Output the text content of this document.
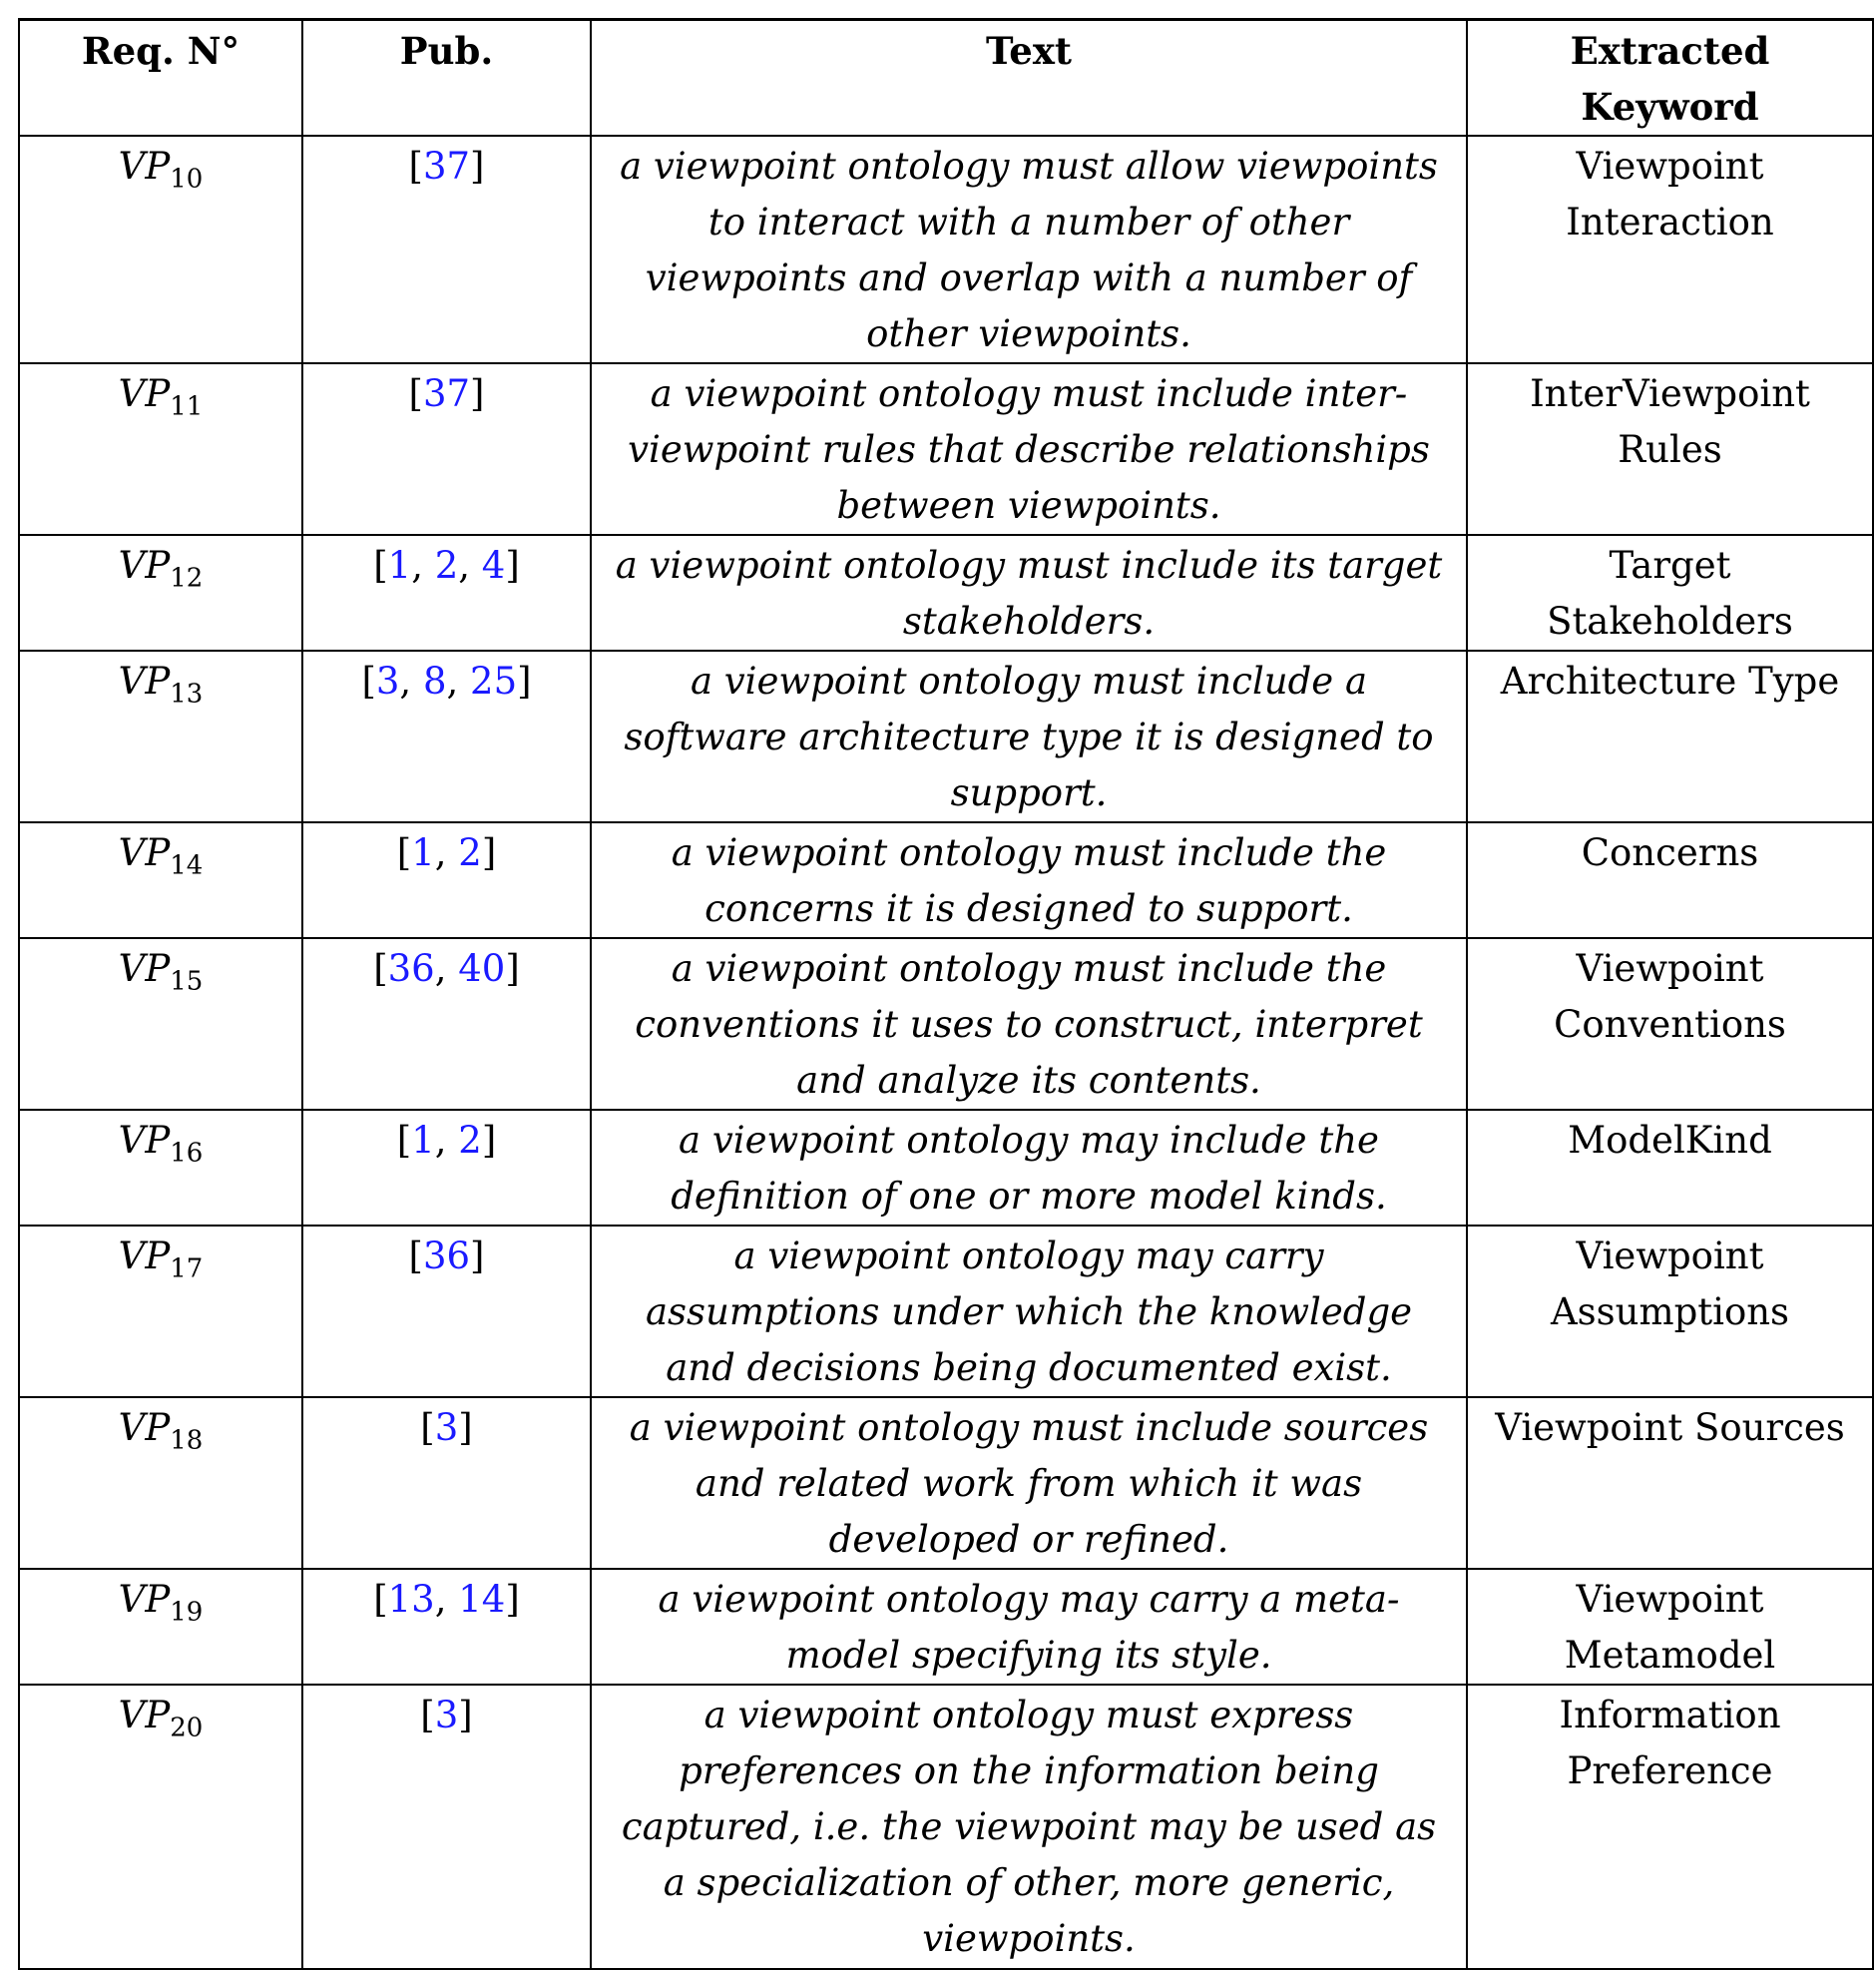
Req. N°	Pub.	Text	Extracted Keyword
$VP_{10}$	[37]	a viewpoint ontology must allow viewpoints to interact with a number of other viewpoints and overlap with a number of other viewpoints.	Viewpoint Interaction
$VP_{11}$	[37]	a viewpoint ontology must include inter-viewpoint rules that describe relationships between viewpoints.	InterViewpoint Rules
$VP_{12}$	[1, 2, 4]	a viewpoint ontology must include its target stakeholders.	Target Stakeholders
$VP_{13}$	[3, 8, 25]	a viewpoint ontology must include a software architecture type it is designed to support.	Architecture Type
$VP_{14}$	[1, 2]	a viewpoint ontology must include the concerns it is designed to support.	Concerns
$VP_{15}$	[36, 40]	a viewpoint ontology must include the conventions it uses to construct, interpret and analyze its contents.	Viewpoint Conventions
$VP_{16}$	[1, 2]	a viewpoint ontology may include the definition of one or more model kinds.	ModelKind
$VP_{17}$	[36]	a viewpoint ontology may carry assumptions under which the knowledge and decisions being documented exist.	Viewpoint Assumptions
$VP_{18}$	[3]	a viewpoint ontology must include sources and related work from which it was developed or refined.	Viewpoint Sources
$VP_{19}$	[13, 14]	a viewpoint ontology may carry a meta-model specifying its style.	Viewpoint Metamodel
$VP_{20}$	[3]	a viewpoint ontology must express preferences on the information being captured, i.e. the viewpoint may be used as a specialization of other, more generic, viewpoints.	Information Preference
